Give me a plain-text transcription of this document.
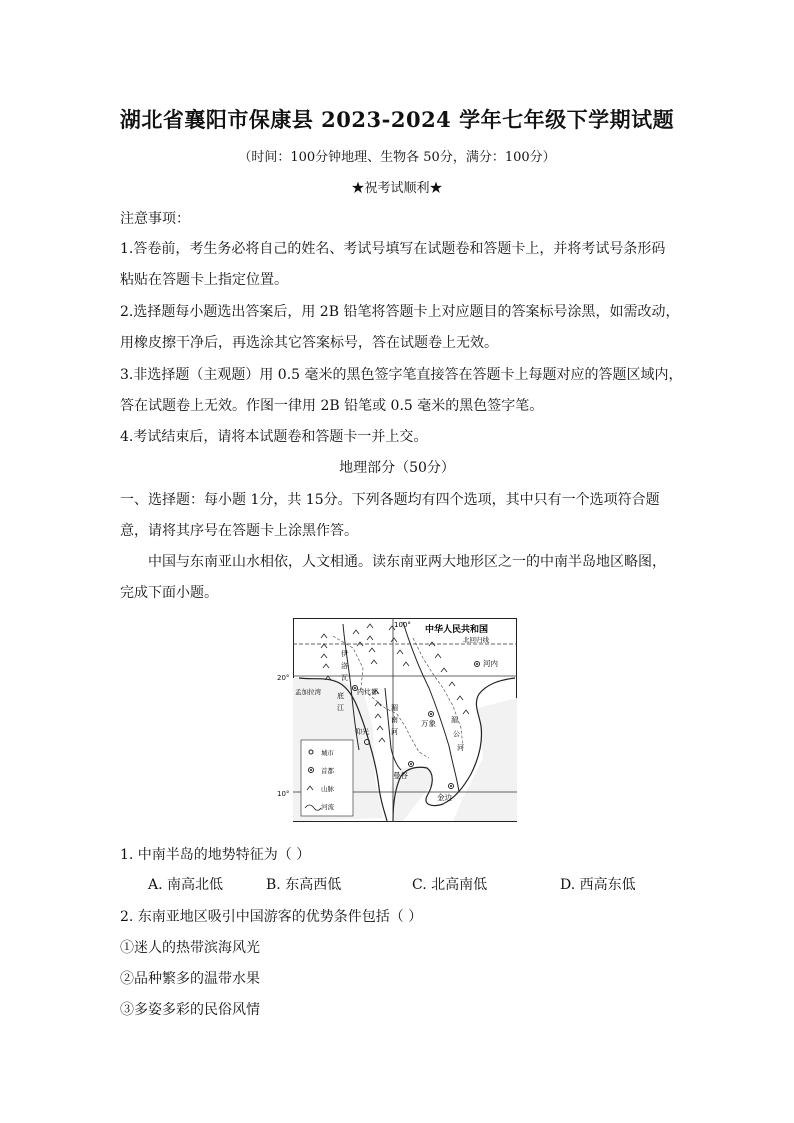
湖北省襄阳市保康县 2023-2024 学年七年级下学期试题
（时间：100分钟地理、生物各 50分，满分：100分）
★祝考试顺利★
注意事项：
1.答卷前，考生务必将自己的姓名、考试号填写在试题卷和答题卡上，并将考试号条形码
粘贴在答题卡上指定位置。
2.选择题每小题选出答案后，用 2B 铅笔将答题卡上对应题目的答案标号涂黑，如需改动，
用橡皮擦干净后，再选涂其它答案标号，答在试题卷上无效。
3.非选择题（主观题）用 0.5 毫米的黑色签字笔直接答在答题卡上每题对应的答题区域内，
答在试题卷上无效。作图一律用 2B 铅笔或 0.5 毫米的黑色签字笔。
4.考试结束后，请将本试题卷和答题卡一并上交。
地理部分（50分）
一、选择题：每小题 1分，共 15分。下列各题均有四个选项，其中只有一个选项符合题
意，请将其序号在答题卡上涂黑作答。
中国与东南亚山水相依，人文相通。读东南亚两大地形区之一的中南半岛地区略图，
完成下面小题。
中华人民共和国
北回归线
100°
河内
孟加拉湾
伊
洛
瓦
底
江
内比都
万象
仰光
曼谷
金边
湄
公
河
湄
南
河
城市
首都
山脉
河流
20°
10°
1. 中南半岛的地势特征为（ ）
A. 南高北低	B. 东高西低	C. 北高南低	D. 西高东低
2. 东南亚地区吸引中国游客的优势条件包括（ ）
①迷人的热带滨海风光
②品种繁多的温带水果
③多姿多彩的民俗风情
